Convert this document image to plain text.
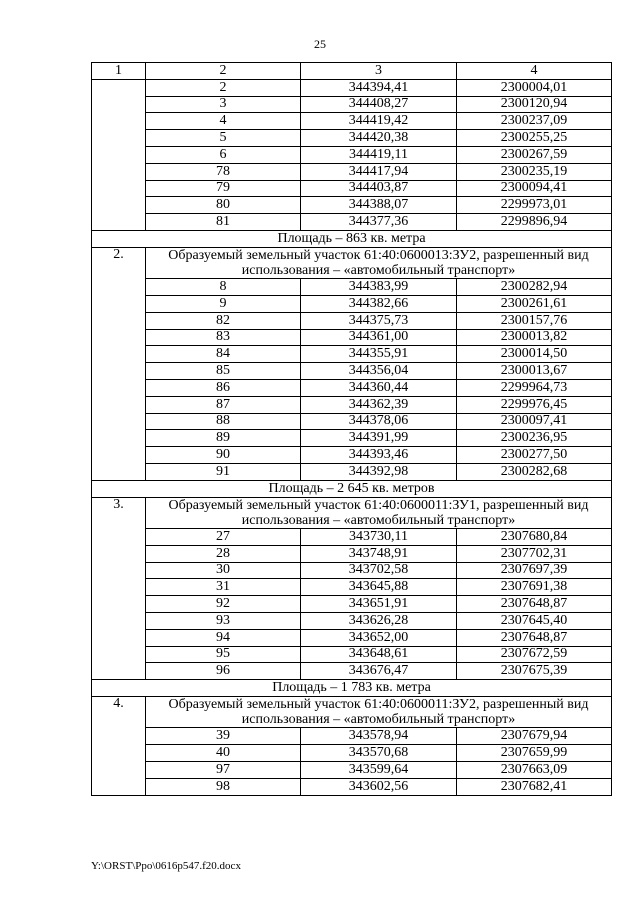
25
1	2	3	4
	2	344394,41	2300004,01
	3	344408,27	2300120,94
	4	344419,42	2300237,09
	5	344420,38	2300255,25
	6	344419,11	2300267,59
	78	344417,94	2300235,19
	79	344403,87	2300094,41
	80	344388,07	2299973,01
	81	344377,36	2299896,94
Площадь – 863 кв. метра			
2.	Образуемый земельный участок 61:40:0600013:ЗУ2, разрешенный вид использования – «автомобильный транспорт»		
	8	344383,99	2300282,94
	9	344382,66	2300261,61
	82	344375,73	2300157,76
	83	344361,00	2300013,82
	84	344355,91	2300014,50
	85	344356,04	2300013,67
	86	344360,44	2299964,73
	87	344362,39	2299976,45
	88	344378,06	2300097,41
	89	344391,99	2300236,95
	90	344393,46	2300277,50
	91	344392,98	2300282,68
Площадь – 2 645 кв. метров			
3.	Образуемый земельный участок 61:40:0600011:ЗУ1, разрешенный вид использования – «автомобильный транспорт»		
	27	343730,11	2307680,84
	28	343748,91	2307702,31
	30	343702,58	2307697,39
	31	343645,88	2307691,38
	92	343651,91	2307648,87
	93	343626,28	2307645,40
	94	343652,00	2307648,87
	95	343648,61	2307672,59
	96	343676,47	2307675,39
Площадь – 1 783 кв. метра			
4.	Образуемый земельный участок 61:40:0600011:ЗУ2, разрешенный вид использования – «автомобильный транспорт»		
	39	343578,94	2307679,94
	40	343570,68	2307659,99
	97	343599,64	2307663,09
	98	343602,56	2307682,41
Y:\ORST\Ppo\0616p547.f20.docx
